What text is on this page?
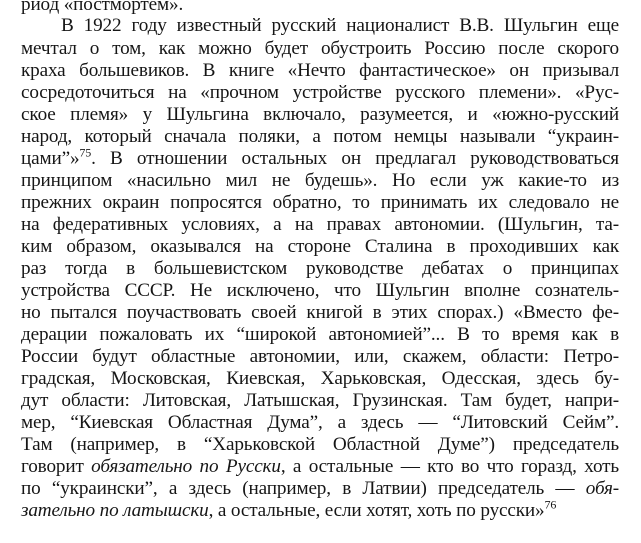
риод «постмортем».
В 1922 году известный русский националист В.В. Шульгин еще
мечтал о том, как можно будет обустроить Россию после скорого
краха большевиков. В книге «Нечто фантастическое» он призывал
сосредоточиться на «прочном устройстве русского племени». «Рус-
ское племя» у Шульгина включало, разумеется, и «южно-русский
народ, который сначала поляки, а потом немцы называли “украин-
цами”»$^{75}$. В отношении остальных он предлагал руководствоваться
принципом «насильно мил не будешь». Но если уж какие-то из
прежних окраин попросятся обратно, то принимать их следовало не
на федеративных условиях, а на правах автономии. (Шульгин, та-
ким образом, оказывался на стороне Сталина в проходивших как
раз тогда в большевистском руководстве дебатах о принципах
устройства СССР. Не исключено, что Шульгин вполне сознатель-
но пытался поучаствовать своей книгой в этих спорах.) «Вместо фе-
дерации пожаловать их “широкой автономией”... В то время как в
России будут областные автономии, или, скажем, области: Петро-
градская, Московская, Киевская, Харьковская, Одесская, здесь бу-
дут области: Литовская, Латышская, Грузинская. Там будет, напри-
мер, “Киевская Областная Дума”, а здесь — “Литовский Сейм”.
Там (например, в “Харьковской Областной Думе”) председатель
говорит обязательно по Русски, а остальные — кто во что горазд, хоть
по “украински”, а здесь (например, в Латвии) председатель — обя-
зательно по латышски, а остальные, если хотят, хоть по русски»$^{76}$
